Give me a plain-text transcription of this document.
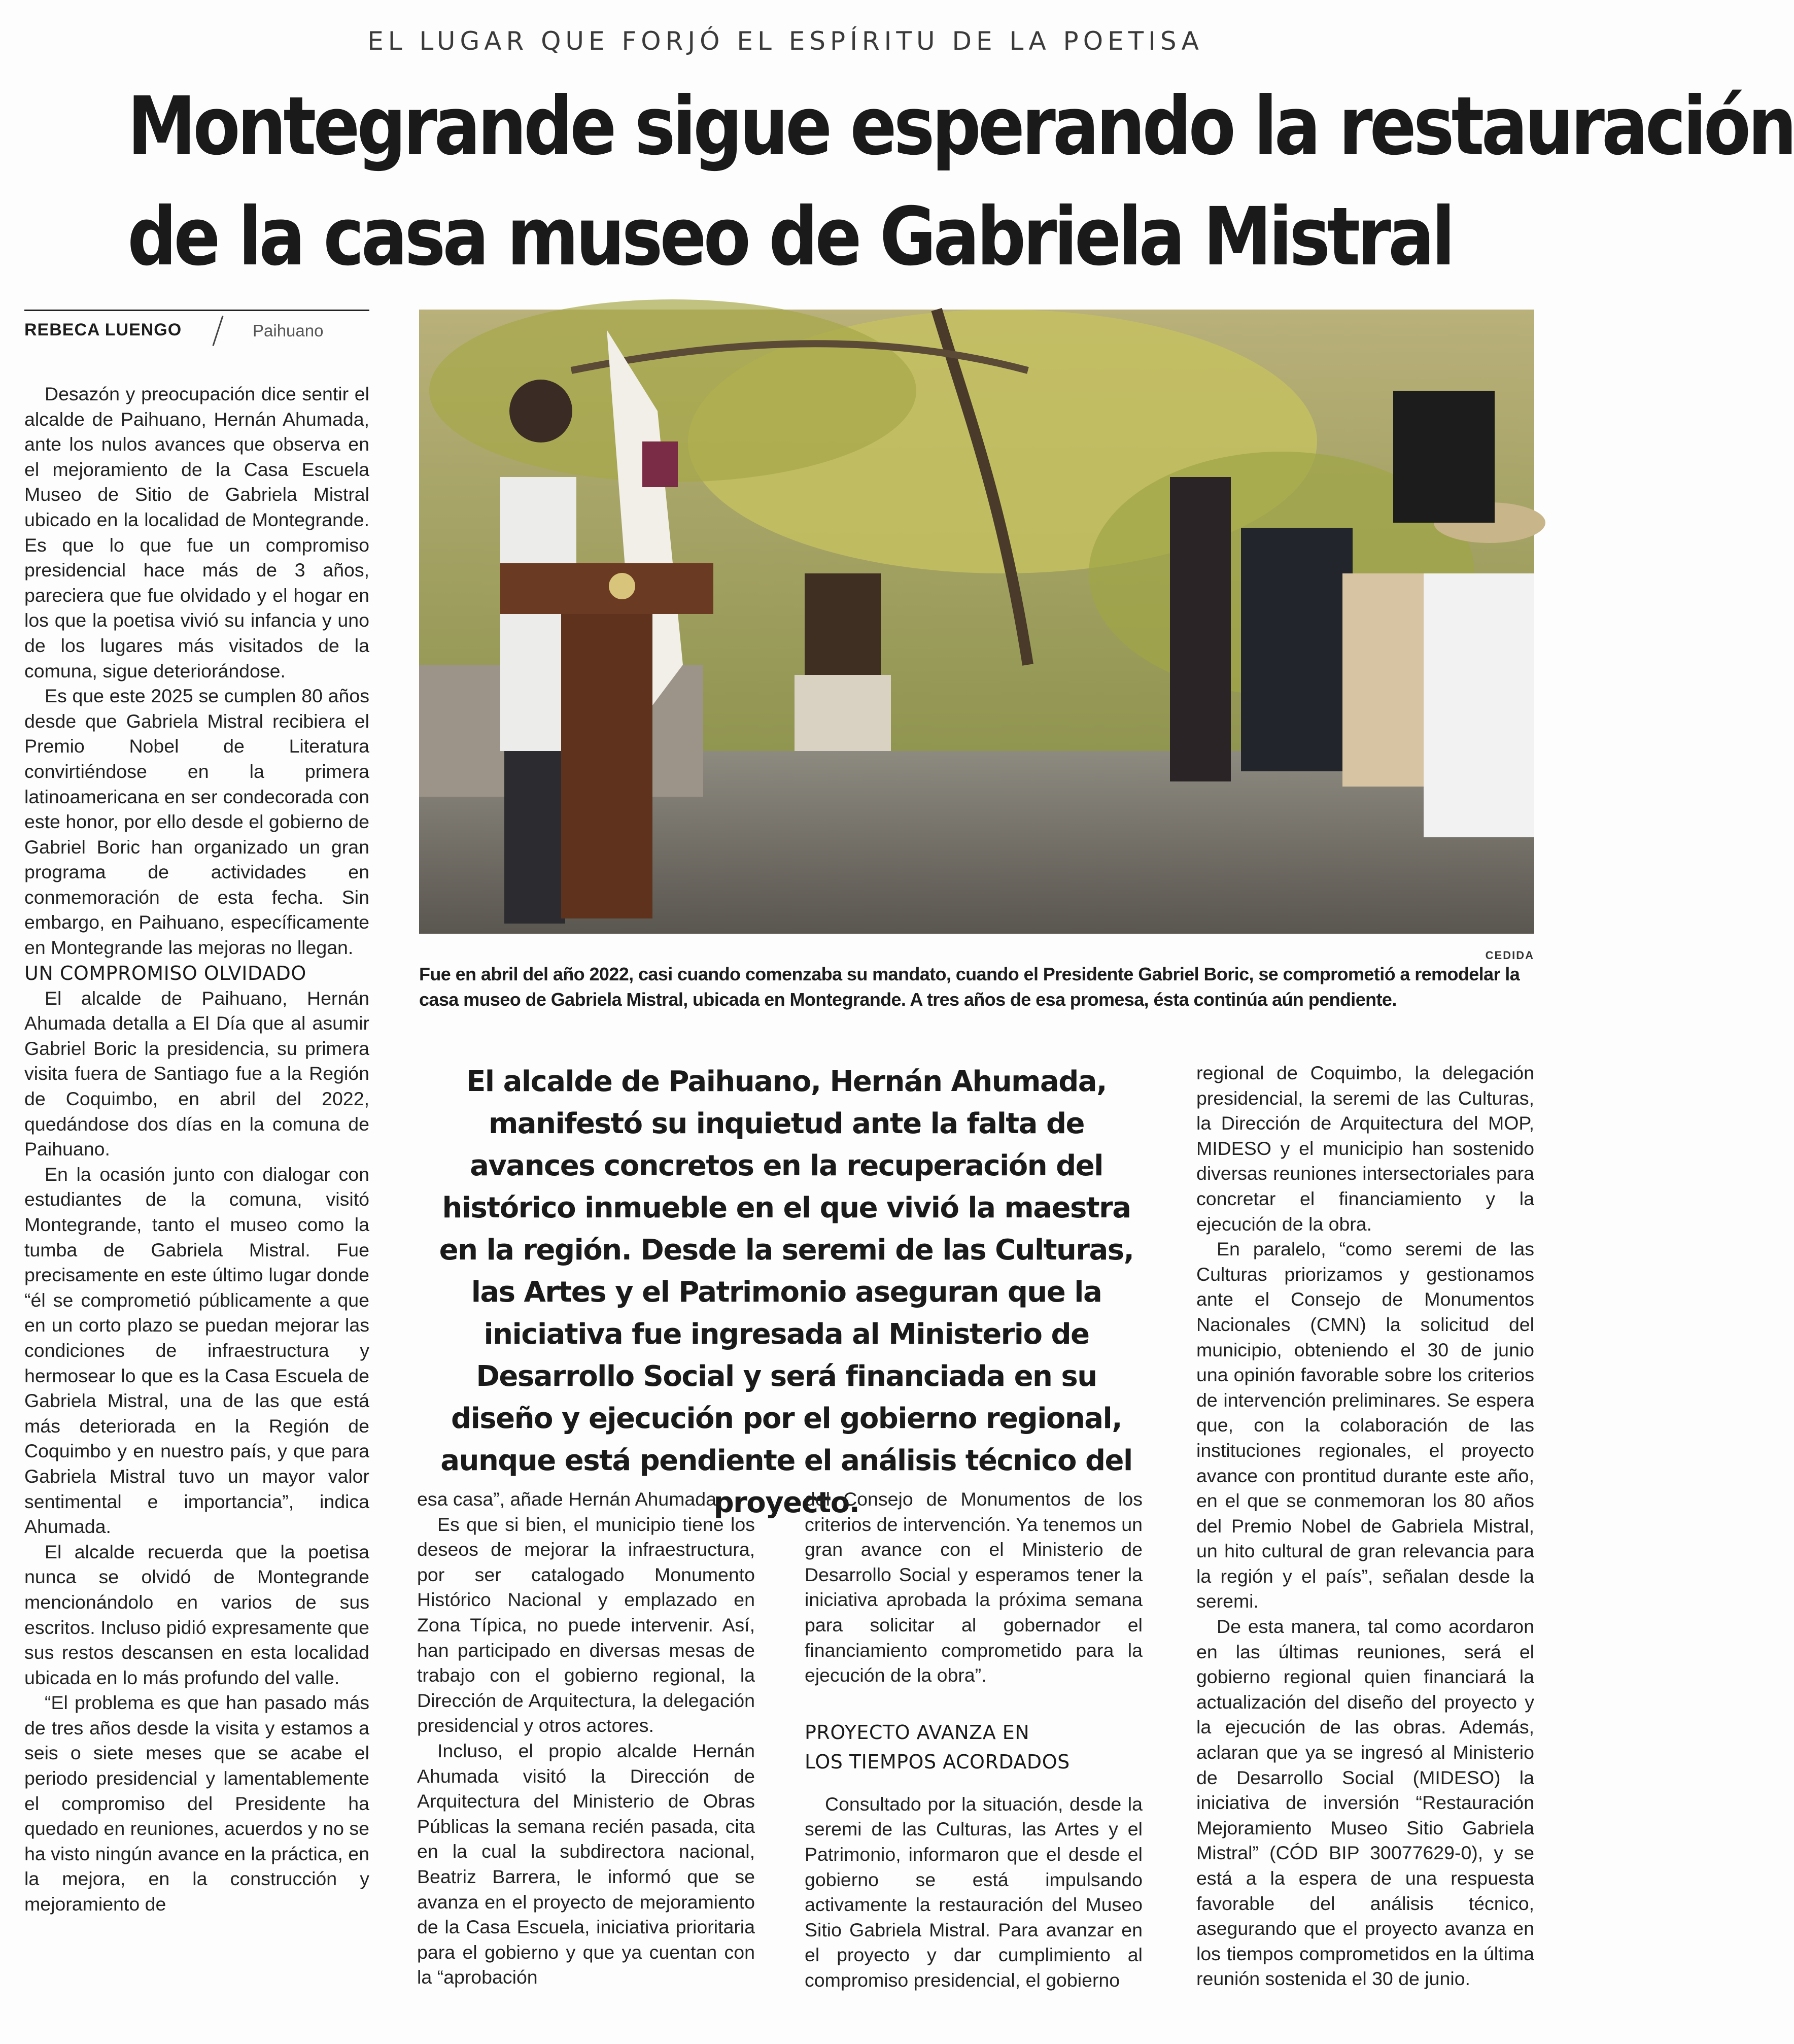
EL LUGAR QUE FORJÓ EL ESPÍRITU DE LA POETISA
Montegrande sigue esperando la restauración
de la casa museo de Gabriela Mistral
REBECA LUENGO	Paihuano

Desazón y preocupación dice sentir el alcalde de Paihuano, Hernán Ahumada, ante los nulos avances que observa en el mejoramiento de la Casa Escuela Museo de Sitio de Gabriela Mistral ubicado en la localidad de Montegrande. Es que lo que fue un compromiso presidencial hace más de 3 años, pareciera que fue olvidado y el hogar en los que la poetisa vivió su infancia y uno de los lugares más visitados de la comuna, sigue deteriorándose.

Es que este 2025 se cumplen 80 años desde que Gabriela Mistral recibiera el Premio Nobel de Literatura convirtiéndose en la primera latinoamericana en ser condecorada con este honor, por ello desde el gobierno de Gabriel Boric han organizado un gran programa de actividades en conmemoración de esta fecha. Sin embargo, en Paihuano, específicamente en Montegrande las mejoras no llegan.

UN COMPROMISO OLVIDADO

El alcalde de Paihuano, Hernán Ahumada detalla a El Día que al asumir Gabriel Boric la presidencia, su primera visita fuera de Santiago fue a la Región de Coquimbo, en abril del 2022, quedándose dos días en la comuna de Paihuano.

En la ocasión junto con dialogar con estudiantes de la comuna, visitó Montegrande, tanto el museo como la tumba de Gabriela Mistral. Fue precisamente en este último lugar donde “él se comprometió públicamente a que en un corto plazo se puedan mejorar las condiciones de infraestructura y hermosear lo que es la Casa Escuela de Gabriela Mistral, una de las que está más deteriorada en la Región de Coquimbo y en nuestro país, y que para Gabriela Mistral tuvo un mayor valor sentimental e importancia”, indica Ahumada.

El alcalde recuerda que la poetisa nunca se olvidó de Montegrande mencionándolo en varios de sus escritos. Incluso pidió expresamente que sus restos descansen en esta localidad ubicada en lo más profundo del valle.

“El problema es que han pasado más de tres años desde la visita y estamos a seis o siete meses que se acabe el periodo presidencial y lamentablemente el compromiso del Presidente ha quedado en reuniones, acuerdos y no se ha visto ningún avance en la práctica, en la mejora, en la construcción y mejoramiento de

CEDIDA
Fue en abril del año 2022, casi cuando comenzaba su mandato, cuando el Presidente Gabriel Boric, se comprometió a remodelar la casa museo de Gabriela Mistral, ubicada en Montegrande. A tres años de esa promesa, ésta continúa aún pendiente.
El alcalde de Paihuano, Hernán Ahumada, manifestó su inquietud ante la falta de avances concretos en la recuperación del histórico inmueble en el que vivió la maestra en la región. Desde la seremi de las Culturas, las Artes y el Patrimonio aseguran que la iniciativa fue ingresada al Ministerio de Desarrollo Social y será financiada en su diseño y ejecución por el gobierno regional, aunque está pendiente el análisis técnico del proyecto.

esa casa”, añade Hernán Ahumada.

Es que si bien, el municipio tiene los deseos de mejorar la infraestructura, por ser catalogado Monumento Histórico Nacional y emplazado en Zona Típica, no puede intervenir. Así, han participado en diversas mesas de trabajo con el gobierno regional, la Dirección de Arquitectura, la delegación presidencial y otros actores.

Incluso, el propio alcalde Hernán Ahumada visitó la Dirección de Arquitectura del Ministerio de Obras Públicas la semana recién pasada, cita en la cual la subdirectora nacional, Beatriz Barrera, le informó que se avanza en el proyecto de mejoramiento de la Casa Escuela, iniciativa prioritaria para el gobierno y que ya cuentan con la “aprobación

del Consejo de Monumentos de los criterios de intervención. Ya tenemos un gran avance con el Ministerio de Desarrollo Social y esperamos tener la iniciativa aprobada la próxima semana para solicitar al gobernador el financiamiento comprometido para la ejecución de la obra”.

PROYECTO AVANZA EN
LOS TIEMPOS ACORDADOS

Consultado por la situación, desde la seremi de las Culturas, las Artes y el Patrimonio, informaron que el desde el gobierno se está impulsando activamente la restauración del Museo Sitio Gabriela Mistral. Para avanzar en el proyecto y dar cumplimiento al compromiso presidencial, el gobierno

regional de Coquimbo, la delegación presidencial, la seremi de las Culturas, la Dirección de Arquitectura del MOP, MIDESO y el municipio han sostenido diversas reuniones intersectoriales para concretar el financiamiento y la ejecución de la obra.

En paralelo, “como seremi de las Culturas priorizamos y gestionamos ante el Consejo de Monumentos Nacionales (CMN) la solicitud del municipio, obteniendo el 30 de junio una opinión favorable sobre los criterios de intervención preliminares. Se espera que, con la colaboración de las instituciones regionales, el proyecto avance con prontitud durante este año, en el que se conmemoran los 80 años del Premio Nobel de Gabriela Mistral, un hito cultural de gran relevancia para la región y el país”, señalan desde la seremi.

De esta manera, tal como acordaron en las últimas reuniones, será el gobierno regional quien financiará la actualización del diseño del proyecto y la ejecución de las obras. Además, aclaran que ya se ingresó al Ministerio de Desarrollo Social (MIDESO) la iniciativa de inversión “Restauración Mejoramiento Museo Sitio Gabriela Mistral” (CÓD BIP 30077629-0), y se está a la espera de una respuesta favorable del análisis técnico, asegurando que el proyecto avanza en los tiempos comprometidos en la última reunión sostenida el 30 de junio.
